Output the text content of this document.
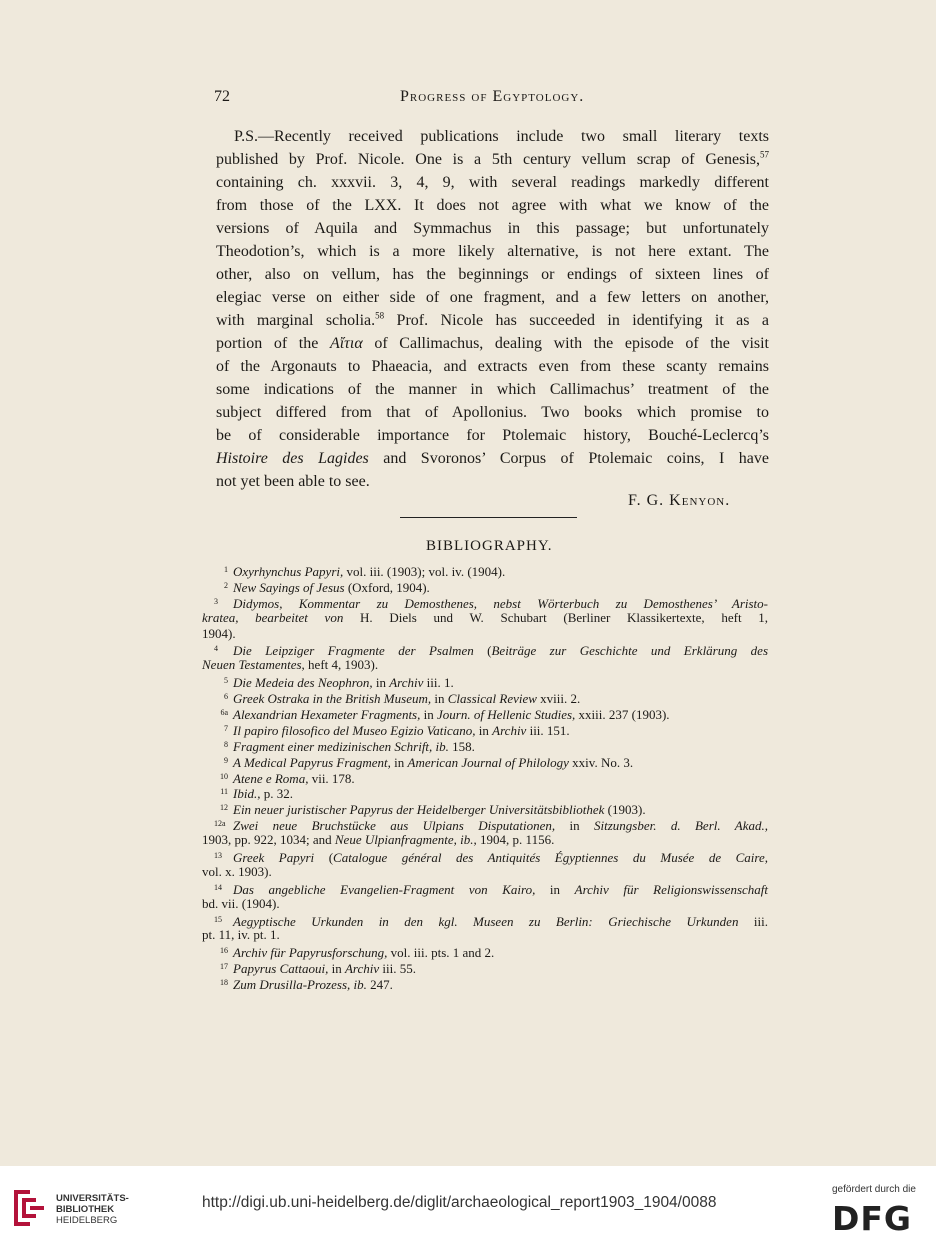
72	Progress of Egyptology.
P.S.—Recently received publications include two small literary texts
published by Prof. Nicole. One is a 5th century vellum scrap of Genesis,$^{57}$
containing ch. xxxvii. 3, 4, 9, with several readings markedly different
from those of the LXX. It does not agree with what we know of the
versions of Aquila and Symmachus in this passage; but unfortunately
Theodotion’s, which is a more likely alternative, is not here extant. The
other, also on vellum, has the beginnings or endings of sixteen lines of
elegiac verse on either side of one fragment, and a few letters on another,
with marginal scholia.$^{58}$ Prof. Nicole has succeeded in identifying it as a
portion of the Αἴτια of Callimachus, dealing with the episode of the visit
of the Argonauts to Phaeacia, and extracts even from these scanty remains
some indications of the manner in which Callimachus’ treatment of the
subject differed from that of Apollonius. Two books which promise to
be of considerable importance for Ptolemaic history, Bouché-Leclercq’s
Histoire des Lagides and Svoronos’ Corpus of Ptolemaic coins, I have
not yet been able to see.
F. G. Kenyon.
BIBLIOGRAPHY.
1 Oxyrhynchus Papyri, vol. iii. (1903); vol. iv. (1904).
2 New Sayings of Jesus (Oxford, 1904).
3 Didymos, Kommentar zu Demosthenes, nebst Wörterbuch zu Demosthenes’ Aristo-
kratea, bearbeitet von H. Diels und W. Schubart (Berliner Klassikertexte, heft 1,
1904).
4 Die Leipziger Fragmente der Psalmen (Beiträge zur Geschichte und Erklärung des
Neuen Testamentes, heft 4, 1903).
5 Die Medeia des Neophron, in Archiv iii. 1.
6 Greek Ostraka in the British Museum, in Classical Review xviii. 2.
6a Alexandrian Hexameter Fragments, in Journ. of Hellenic Studies, xxiii. 237 (1903).
7 Il papiro filosofico del Museo Egizio Vaticano, in Archiv iii. 151.
8 Fragment einer medizinischen Schrift, ib. 158.
9 A Medical Papyrus Fragment, in American Journal of Philology xxiv. No. 3.
10 Atene e Roma, vii. 178.
11 Ibid., p. 32.
12 Ein neuer juristischer Papyrus der Heidelberger Universitätsbibliothek (1903).
12a Zwei neue Bruchstücke aus Ulpians Disputationen, in Sitzungsber. d. Berl. Akad.,
1903, pp. 922, 1034; and Neue Ulpianfragmente, ib., 1904, p. 1156.
13 Greek Papyri (Catalogue général des Antiquités Égyptiennes du Musée de Caire,
vol. x. 1903).
14 Das angebliche Evangelien-Fragment von Kairo, in Archiv für Religionswissenschaft
bd. vii. (1904).
15 Aegyptische Urkunden in den kgl. Museen zu Berlin: Griechische Urkunden iii.
pt. 11, iv. pt. 1.
16 Archiv für Papyrusforschung, vol. iii. pts. 1 and 2.
17 Papyrus Cattaoui, in Archiv iii. 55.
18 Zum Drusilla-Prozess, ib. 247.
UNIVERSITÄTS-
BIBLIOTHEK
HEIDELBERG
http://digi.ub.uni-heidelberg.de/diglit/archaeological_report1903_1904/0088
gefördert durch die
DFG
